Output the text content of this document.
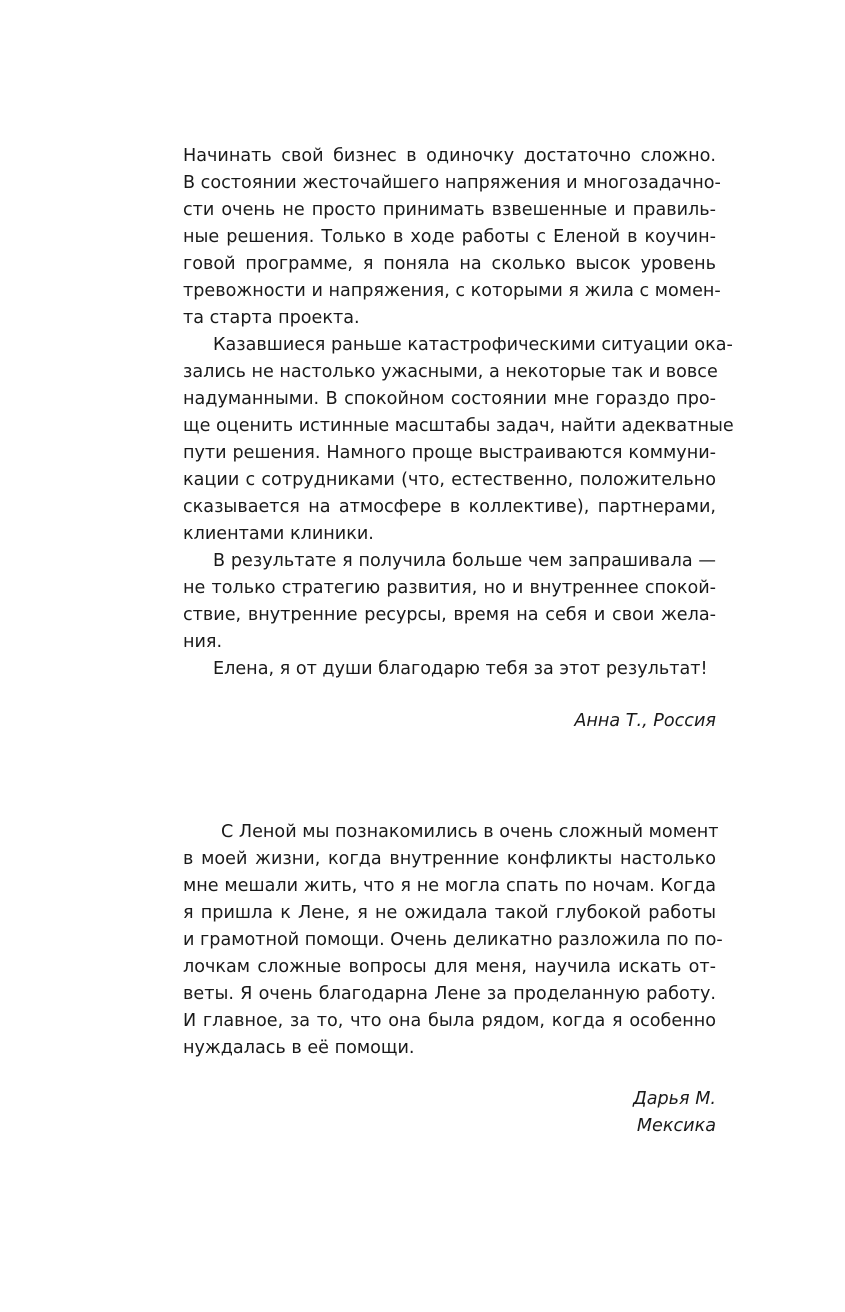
Начинать свой бизнес в одиночку достаточно сложно.
В состоянии жесточайшего напряжения и многозадачно-
сти очень не просто принимать взвешенные и правиль-
ные решения. Только в ходе работы с Еленой в коучин-
говой программе, я поняла на сколько высок уровень
тревожности и напряжения, с которыми я жила с момен-
та старта проекта.
Казавшиеся раньше катастрофическими ситуации ока-
зались не настолько ужасными, а некоторые так и вовсе
надуманными. В спокойном состоянии мне гораздо про-
ще оценить истинные масштабы задач, найти адекватные
пути решения. Намного проще выстраиваются коммуни-
кации с сотрудниками (что, естественно, положительно
сказывается на атмосфере в коллективе), партнерами,
клиентами клиники.
В результате я получила больше чем запрашивала —
не только стратегию развития, но и внутреннее спокой-
ствие, внутренние ресурсы, время на себя и свои жела-
ния.
Елена, я от души благодарю тебя за этот результат!
Анна Т., Россия
С Леной мы познакомились в очень сложный момент
в моей жизни, когда внутренние конфликты настолько
мне мешали жить, что я не могла спать по ночам. Когда
я пришла к Лене, я не ожидала такой глубокой работы
и грамотной помощи. Очень деликатно разложила по по-
лочкам сложные вопросы для меня, научила искать от-
веты. Я очень благодарна Лене за проделанную работу.
И главное, за то, что она была рядом, когда я особенно
нуждалась в её помощи.
Дарья М.
Мексика
